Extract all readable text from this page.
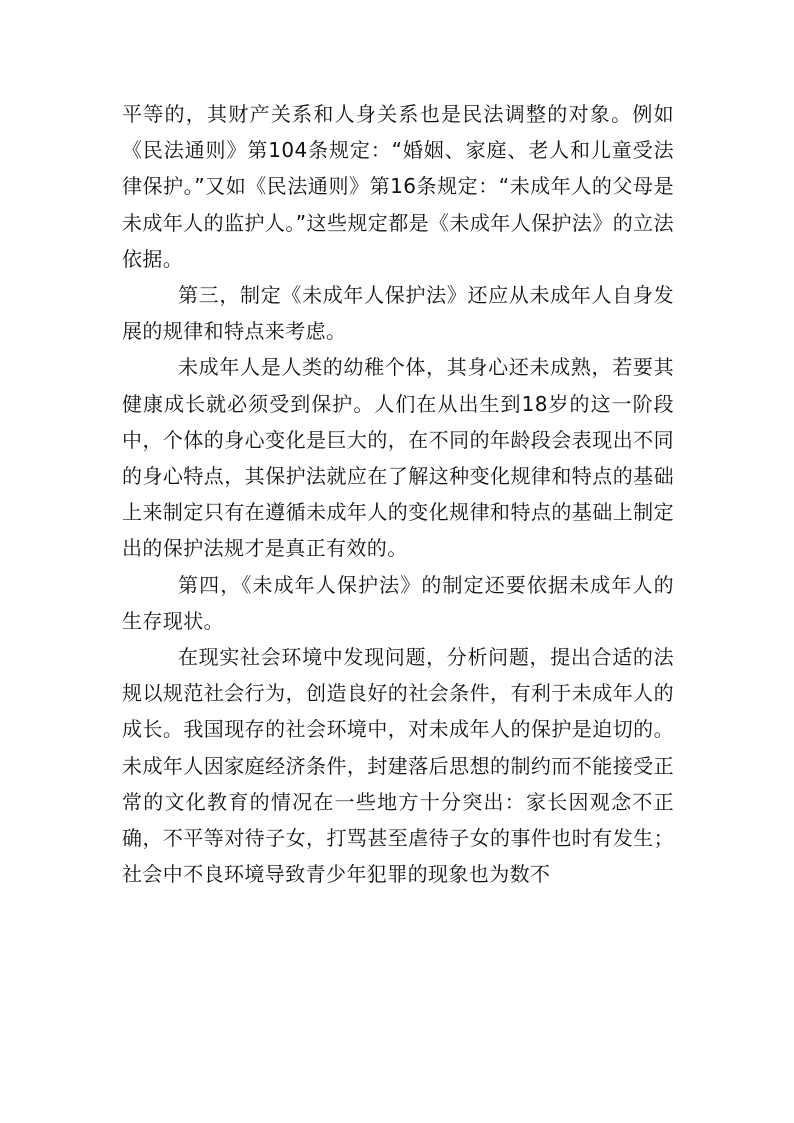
平等的，其财产关系和人身关系也是民法调整的对象。例如《民法通则》第104条规定：“婚姻、家庭、老人和儿童受法律保护。”又如《民法通则》第16条规定：“未成年人的父母是未成年人的监护人。”这些规定都是《未成年人保护法》的立法依据。

第三，制定《未成年人保护法》还应从未成年人自身发展的规律和特点来考虑。

未成年人是人类的幼稚个体，其身心还未成熟，若要其健康成长就必须受到保护。人们在从出生到18岁的这一阶段中，个体的身心变化是巨大的，在不同的年龄段会表现出不同的身心特点，其保护法就应在了解这种变化规律和特点的基础上来制定只有在遵循未成年人的变化规律和特点的基础上制定出的保护法规才是真正有效的。

第四，《未成年人保护法》的制定还要依据未成年人的生存现状。

在现实社会环境中发现问题，分析问题，提出合适的法规以规范社会行为，创造良好的社会条件，有利于未成年人的成长。我国现存的社会环境中，对未成年人的保护是迫切的。未成年人因家庭经济条件，封建落后思想的制约而不能接受正常的文化教育的情况在一些地方十分突出：家长因观念不正确，不平等对待子女，打骂甚至虐待子女的事件也时有发生；社会中不良环境导致青少年犯罪的现象也为数不
